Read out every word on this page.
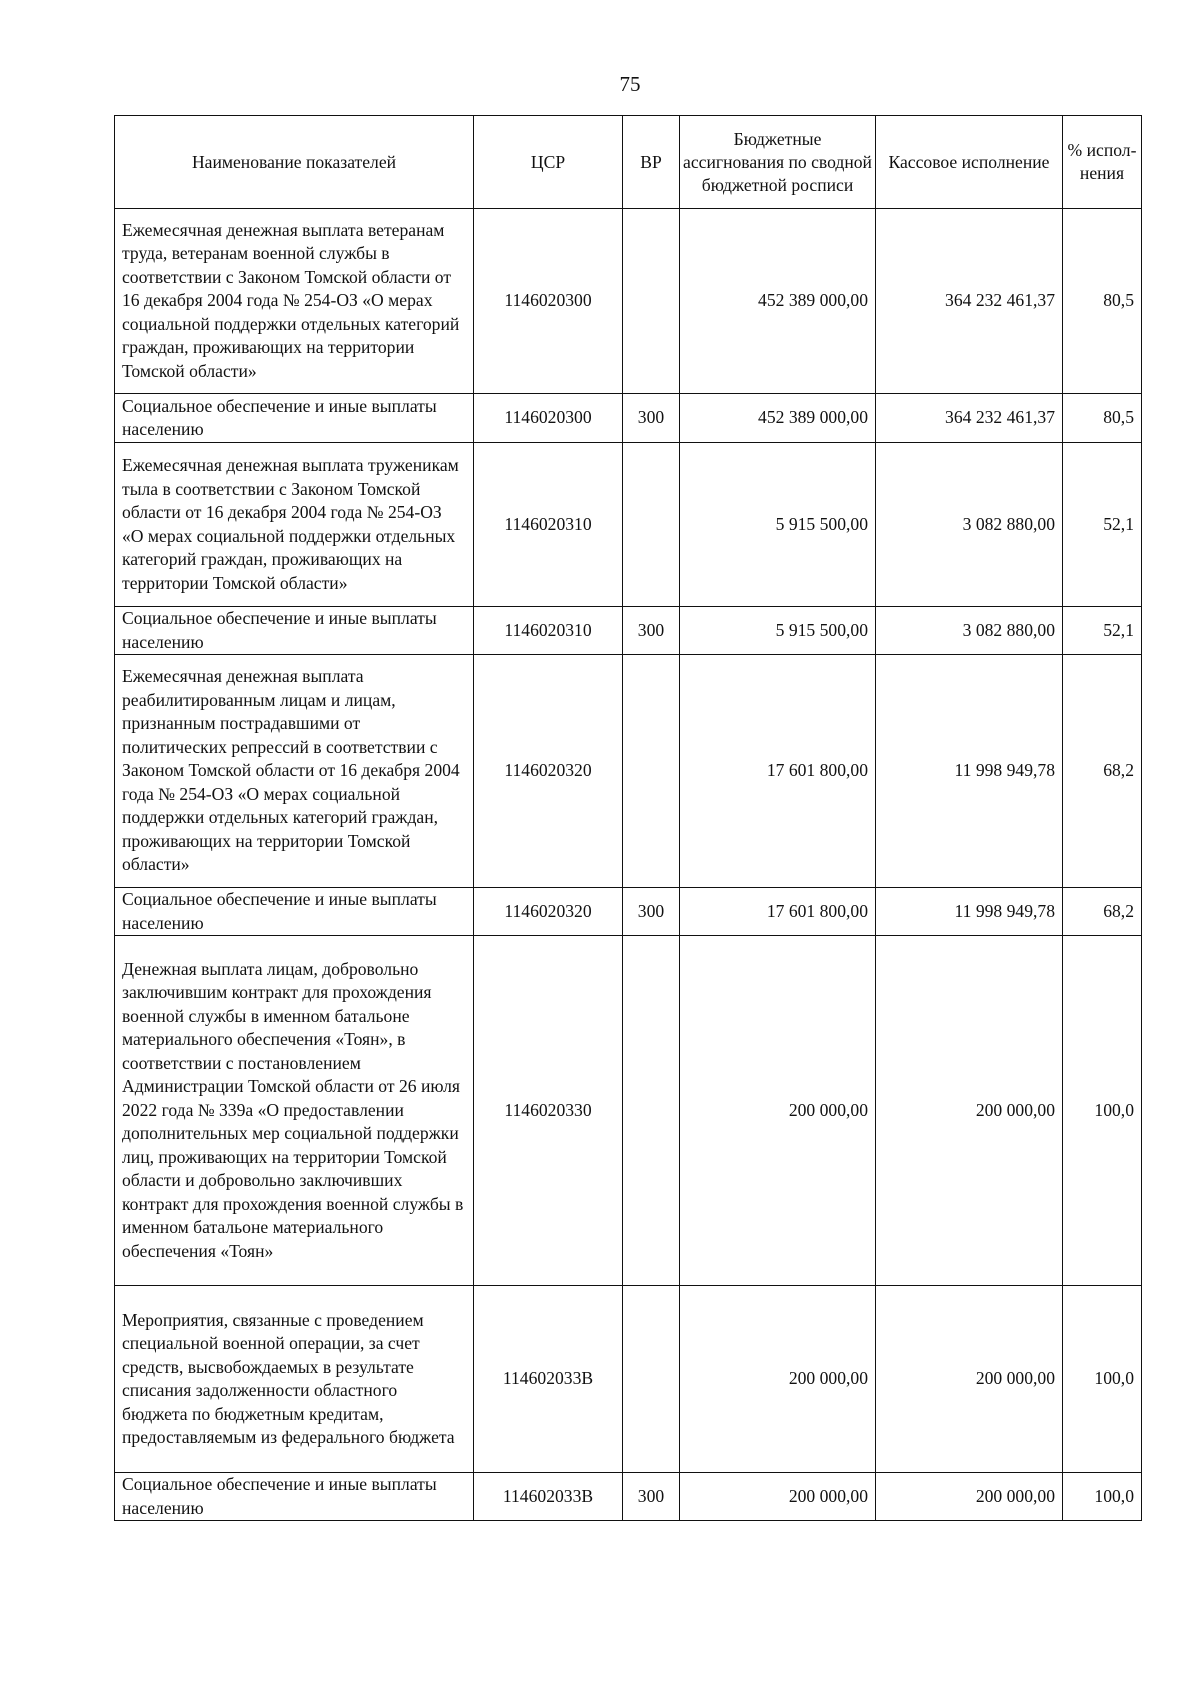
75
Наименование показателей	ЦСР	ВР	Бюджетные ассигнования по сводной бюджетной росписи	Кассовое исполнение	% испол-нения
Ежемесячная денежная выплата ветеранам труда, ветеранам военной службы в соответствии с Законом Томской области от 16 декабря 2004 года № 254-ОЗ «О мерах социальной поддержки отдельных категорий граждан, проживающих на территории Томской области»	1146020300		452 389 000,00	364 232 461,37	80,5
Социальное обеспечение и иные выплаты населению	1146020300	300	452 389 000,00	364 232 461,37	80,5
Ежемесячная денежная выплата труженикам тыла в соответствии с Законом Томской области от 16 декабря 2004 года № 254-ОЗ «О мерах социальной поддержки отдельных категорий граждан, проживающих на территории Томской области»	1146020310		5 915 500,00	3 082 880,00	52,1
Социальное обеспечение и иные выплаты населению	1146020310	300	5 915 500,00	3 082 880,00	52,1
Ежемесячная денежная выплата реабилитированным лицам и лицам, признанным пострадавшими от политических репрессий в соответствии с Законом Томской области от 16 декабря 2004 года № 254-ОЗ «О мерах социальной поддержки отдельных категорий граждан, проживающих на территории Томской области»	1146020320		17 601 800,00	11 998 949,78	68,2
Социальное обеспечение и иные выплаты населению	1146020320	300	17 601 800,00	11 998 949,78	68,2
Денежная выплата лицам, добровольно заключившим контракт для прохождения военной службы в именном батальоне материального обеспечения «Тоян», в соответствии с постановлением Администрации Томской области от 26 июля 2022 года № 339а «О предоставлении дополнительных мер социальной поддержки лиц, проживающих на территории Томской области и добровольно заключивших контракт для прохождения военной службы в именном батальоне материального обеспечения «Тоян»	1146020330		200 000,00	200 000,00	100,0
Мероприятия, связанные с проведением специальной военной операции, за счет средств, высвобождаемых в результате списания задолженности областного бюджета по бюджетным кредитам, предоставляемым из федерального бюджета	114602033В		200 000,00	200 000,00	100,0
Социальное обеспечение и иные выплаты населению	114602033В	300	200 000,00	200 000,00	100,0
